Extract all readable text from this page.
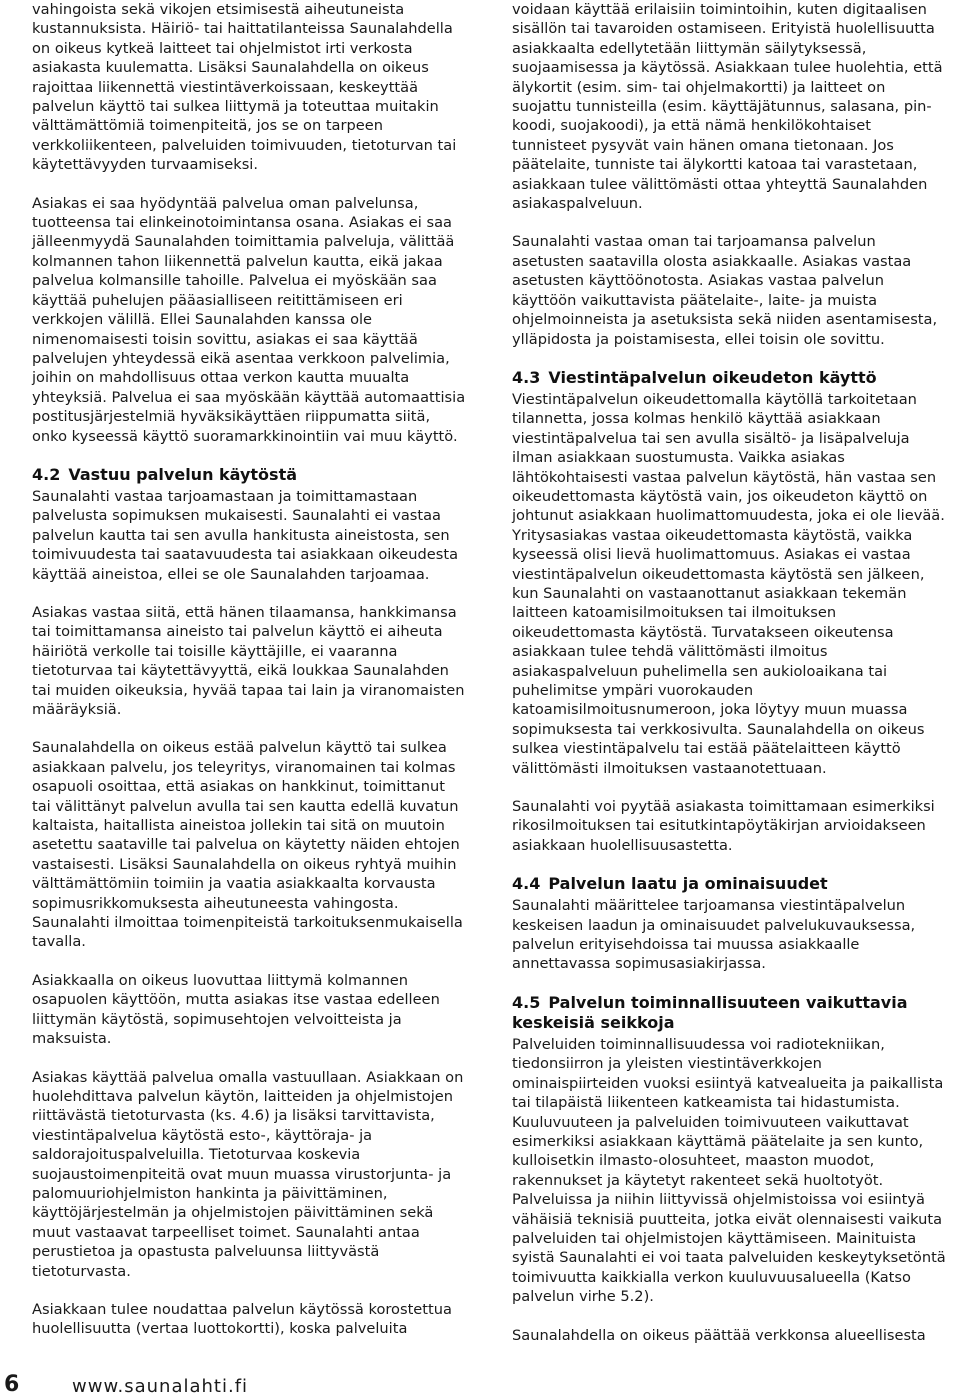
vahingoista sekä vikojen etsimisestä aiheutuneista kustannuksista. Häiriö- tai haittatilanteissa Saunalahdella on oikeus kytkeä laitteet tai ohjelmistot irti verkosta asiakasta kuulematta. Lisäksi Saunalahdella on oikeus rajoittaa liikennettä viestintäverkoissaan, keskeyttää palvelun käyttö tai sulkea liittymä ja toteuttaa muitakin välttämättömiä toimenpiteitä, jos se on tarpeen verkkoliikenteen, palveluiden toimivuuden, tietoturvan tai käytettävyyden turvaamiseksi.

Asiakas ei saa hyödyntää palvelua oman palvelunsa, tuotteensa tai elinkeinotoimintansa osana. Asiakas ei saa jälleenmyydä Saunalahden toimittamia palveluja, välittää kolmannen tahon liikennettä palvelun kautta, eikä jakaa palvelua kolmansille tahoille. Palvelua ei myöskään saa käyttää puhelujen pääasialliseen reitittämiseen eri verkkojen välillä. Ellei Saunalahden kanssa ole nimenomaisesti toisin sovittu, asiakas ei saa käyttää palvelujen yhteydessä eikä asentaa verkkoon palvelimia, joihin on mahdollisuus ottaa verkon kautta muualta yhteyksiä. Palvelua ei saa myöskään käyttää automaattisia postitusjärjestelmiä hyväksikäyttäen riippumatta siitä, onko kyseessä käyttö suoramarkkinointiin vai muu käyttö.

4.2 Vastuu palvelun käytöstä

Saunalahti vastaa tarjoamastaan ja toimittamastaan palvelusta sopimuksen mukaisesti. Saunalahti ei vastaa palvelun kautta tai sen avulla hankitusta aineistosta, sen toimivuudesta tai saatavuudesta tai asiakkaan oikeudesta käyttää aineistoa, ellei se ole Saunalahden tarjoamaa.

Asiakas vastaa siitä, että hänen tilaamansa, hankkimansa tai toimittamansa aineisto tai palvelun käyttö ei aiheuta häiriötä verkolle tai toisille käyttäjille, ei vaaranna tietoturvaa tai käytettävyyttä, eikä loukkaa Saunalahden tai muiden oikeuksia, hyvää tapaa tai lain ja viranomaisten määräyksiä.

Saunalahdella on oikeus estää palvelun käyttö tai sulkea asiakkaan palvelu, jos teleyritys, viranomainen tai kolmas osapuoli osoittaa, että asiakas on hankkinut, toimittanut tai välittänyt palvelun avulla tai sen kautta edellä kuvatun kaltaista, haitallista aineistoa jollekin tai sitä on muutoin asetettu saataville tai palvelua on käytetty näiden ehtojen vastaisesti. Lisäksi Saunalahdella on oikeus ryhtyä muihin välttämättömiin toimiin ja vaatia asiakkaalta korvausta sopimusrikkomuksesta aiheutuneesta vahingosta. Saunalahti ilmoittaa toimenpiteistä tarkoituksenmukaisella tavalla.

Asiakkaalla on oikeus luovuttaa liittymä kolmannen osapuolen käyttöön, mutta asiakas itse vastaa edelleen liittymän käytöstä, sopimusehtojen velvoitteista ja maksuista.

Asiakas käyttää palvelua omalla vastuullaan. Asiakkaan on huolehdittava palvelun käytön, laitteiden ja ohjelmistojen riittävästä tietoturvasta (ks. 4.6) ja lisäksi tarvittavista, viestintäpalvelua käytöstä esto-, käyttöraja- ja saldorajoituspalveluilla. Tietoturvaa koskevia suojaustoimenpiteitä ovat muun muassa virustorjunta- ja palomuuriohjelmiston hankinta ja päivittäminen, käyttöjärjestelmän ja ohjelmistojen päivittäminen sekä muut vastaavat tarpeelliset toimet. Saunalahti antaa perustietoa ja opastusta palveluunsa liittyvästä tietoturvasta.

Asiakkaan tulee noudattaa palvelun käytössä korostettua huolellisuutta (vertaa luottokortti), koska palveluita

voidaan käyttää erilaisiin toimintoihin, kuten digitaalisen sisällön tai tavaroiden ostamiseen. Erityistä huolellisuutta asiakkaalta edellytetään liittymän säilytyksessä, suojaamisessa ja käytössä. Asiakkaan tulee huolehtia, että älykortit (esim. sim- tai ohjelmakortti) ja laitteet on suojattu tunnisteilla (esim. käyttäjätunnus, salasana, pin-koodi, suojakoodi), ja että nämä henkilökohtaiset tunnisteet pysyvät vain hänen omana tietonaan. Jos päätelaite, tunniste tai älykortti katoaa tai varastetaan, asiakkaan tulee välittömästi ottaa yhteyttä Saunalahden asiakaspalveluun.

Saunalahti vastaa oman tai tarjoamansa palvelun asetusten saatavilla olosta asiakkaalle. Asiakas vastaa asetusten käyttöönotosta. Asiakas vastaa palvelun käyttöön vaikuttavista päätelaite-, laite- ja muista ohjelmoinneista ja asetuksista sekä niiden asentamisesta, ylläpidosta ja poistamisesta, ellei toisin ole sovittu.

4.3 Viestintäpalvelun oikeudeton käyttö

Viestintäpalvelun oikeudettomalla käytöllä tarkoitetaan tilannetta, jossa kolmas henkilö käyttää asiakkaan viestintäpalvelua tai sen avulla sisältö- ja lisäpalveluja ilman asiakkaan suostumusta. Vaikka asiakas lähtökohtaisesti vastaa palvelun käytöstä, hän vastaa sen oikeudettomasta käytöstä vain, jos oikeudeton käyttö on johtunut asiakkaan huolimattomuudesta, joka ei ole lievää. Yritysasiakas vastaa oikeudettomasta käytöstä, vaikka kyseessä olisi lievä huolimattomuus. Asiakas ei vastaa viestintäpalvelun oikeudettomasta käytöstä sen jälkeen, kun Saunalahti on vastaanottanut asiakkaan tekemän laitteen katoamisilmoituksen tai ilmoituksen oikeudettomasta käytöstä. Turvatakseen oikeutensa asiakkaan tulee tehdä välittömästi ilmoitus asiakaspalveluun puhelimella sen aukioloaikana tai puhelimitse ympäri vuorokauden katoamisilmoitusnumeroon, joka löytyy muun muassa sopimuksesta tai verkkosivulta. Saunalahdella on oikeus sulkea viestintäpalvelu tai estää päätelaitteen käyttö välittömästi ilmoituksen vastaanotettuaan.

Saunalahti voi pyytää asiakasta toimittamaan esimerkiksi rikosilmoituksen tai esitutkintapöytäkirjan arvioidakseen asiakkaan huolellisuusastetta.

4.4 Palvelun laatu ja ominaisuudet

Saunalahti määrittelee tarjoamansa viestintäpalvelun keskeisen laadun ja ominaisuudet palvelukuvauksessa, palvelun erityisehdoissa tai muussa asiakkaalle annettavassa sopimusasiakirjassa.

4.5 Palvelun toiminnallisuuteen vaikuttavia keskeisiä seikkoja

Palveluiden toiminnallisuudessa voi radiotekniikan, tiedonsiirron ja yleisten viestintäverkkojen ominaispiirteiden vuoksi esiintyä katvealueita ja paikallista tai tilapäistä liikenteen katkeamista tai hidastumista. Kuuluvuuteen ja palveluiden toimivuuteen vaikuttavat esimerkiksi asiakkaan käyttämä päätelaite ja sen kunto, kulloisetkin ilmasto-olosuhteet, maaston muodot, rakennukset ja käytetyt rakenteet sekä huoltotyöt. Palveluissa ja niihin liittyvissä ohjelmistoissa voi esiintyä vähäisiä teknisiä puutteita, jotka eivät olennaisesti vaikuta palveluiden tai ohjelmistojen käyttämiseen. Mainituista syistä Saunalahti ei voi taata palveluiden keskeytyksetöntä toimivuutta kaikkialla verkon kuuluvuusalueella (Katso palvelun virhe 5.2).

Saunalahdella on oikeus päättää verkkonsa alueellisesta

6	www.saunalahti.fi
